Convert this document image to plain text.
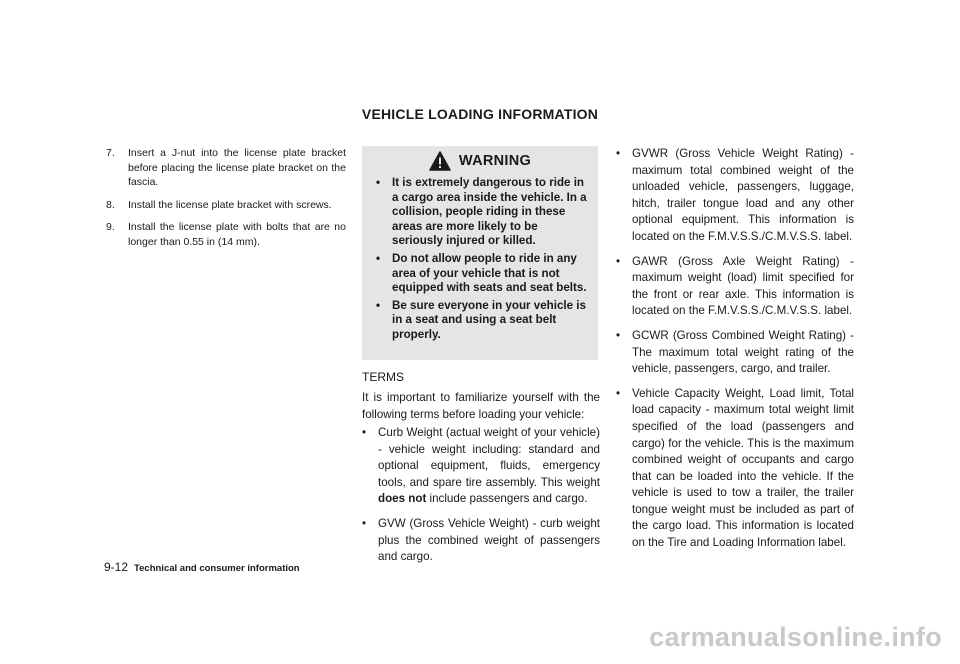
VEHICLE LOADING INFORMATION
7.	Insert a J-nut into the license plate bracket before placing the license plate bracket on the fascia.
8.	Install the license plate bracket with screws.
9.	Install the license plate with bolts that are no longer than 0.55 in (14 mm).
WARNING
•	It is extremely dangerous to ride in a cargo area inside the vehicle. In a collision, people riding in these areas are more likely to be seriously injured or killed.
•	Do not allow people to ride in any area of your vehicle that is not equipped with seats and seat belts.
•	Be sure everyone in your vehicle is in a seat and using a seat belt properly.
TERMS
It is important to familiarize yourself with the following terms before loading your vehicle:
•	Curb Weight (actual weight of your vehicle) - vehicle weight including: standard and optional equipment, fluids, emergency tools, and spare tire assembly. This weight does not include passengers and cargo.
•	GVW (Gross Vehicle Weight) - curb weight plus the combined weight of passengers and cargo.
•	GVWR (Gross Vehicle Weight Rating) - maximum total combined weight of the unloaded vehicle, passengers, luggage, hitch, trailer tongue load and any other optional equipment. This information is located on the F.M.V.S.S./C.M.V.S.S. label.
•	GAWR (Gross Axle Weight Rating) - maximum weight (load) limit specified for the front or rear axle. This information is located on the F.M.V.S.S./C.M.V.S.S. label.
•	GCWR (Gross Combined Weight Rating) - The maximum total weight rating of the vehicle, passengers, cargo, and trailer.
•	Vehicle Capacity Weight, Load limit, Total load capacity - maximum total weight limit specified of the load (passengers and cargo) for the vehicle. This is the maximum combined weight of occupants and cargo that can be loaded into the vehicle. If the vehicle is used to tow a trailer, the trailer tongue weight must be included as part of the cargo load. This information is located on the Tire and Loading Information label.
9-12 Technical and consumer information
carmanualsonline.info
